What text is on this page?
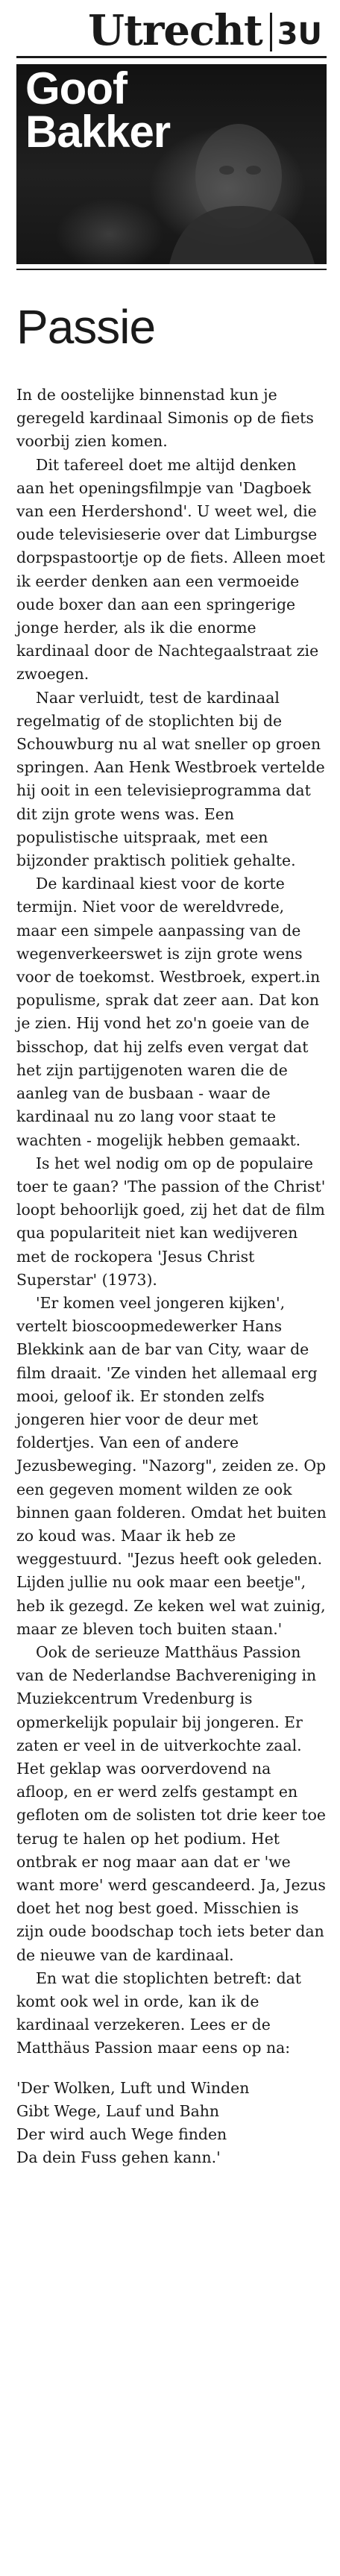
Utrecht 3U
Goof
Bakker
Passie

In de oostelijke binnenstad kun je geregeld kardinaal Simonis op de fiets voorbij zien komen.

Dit tafereel doet me altijd denken aan het openingsfilmpje van 'Dagboek van een Herdershond'. U weet wel, die oude televisieserie over dat Limburgse dorpspastoortje op de fiets. Alleen moet ik eerder denken aan een vermoeide oude boxer dan aan een springerige jonge herder, als ik die enorme kardinaal door de Nachtegaalstraat zie zwoegen.

Naar verluidt, test de kardinaal regelmatig of de stoplichten bij de Schouwburg nu al wat sneller op groen springen. Aan Henk Westbroek vertelde hij ooit in een televisieprogramma dat dit zijn grote wens was. Een populistische uitspraak, met een bijzonder praktisch politiek gehalte.

De kardinaal kiest voor de korte termijn. Niet voor de wereldvrede, maar een simpele aanpassing van de wegenverkeerswet is zijn grote wens voor de toekomst. Westbroek, expert.in populisme, sprak dat zeer aan. Dat kon je zien. Hij vond het zo'n goeie van de bisschop, dat hij zelfs even vergat dat het zijn partijgenoten waren die de aanleg van de busbaan - waar de kardinaal nu zo lang voor staat te wachten - mogelijk hebben gemaakt.

Is het wel nodig om op de populaire toer te gaan? 'The passion of the Christ' loopt behoorlijk goed, zij het dat de film qua populariteit niet kan wedijveren met de rockopera 'Jesus Christ Superstar' (1973).

'Er komen veel jongeren kijken', vertelt bioscoopmedewerker Hans Blekkink aan de bar van City, waar de film draait. 'Ze vinden het allemaal erg mooi, geloof ik. Er stonden zelfs jongeren hier voor de deur met foldertjes. Van een of andere Jezusbeweging. "Nazorg", zeiden ze. Op een gegeven moment wilden ze ook binnen gaan folderen. Omdat het buiten zo koud was. Maar ik heb ze weggestuurd. "Jezus heeft ook geleden. Lijden jullie nu ook maar een beetje", heb ik gezegd. Ze keken wel wat zuinig, maar ze bleven toch buiten staan.'

Ook de serieuze Matthäus Passion van de Nederlandse Bachvereniging in Muziekcentrum Vredenburg is opmerkelijk populair bij jongeren. Er zaten er veel in de uitverkochte zaal. Het geklap was oorverdovend na afloop, en er werd zelfs gestampt en gefloten om de solisten tot drie keer toe terug te halen op het podium. Het ontbrak er nog maar aan dat er 'we want more' werd gescandeerd. Ja, Jezus doet het nog best goed. Misschien is zijn oude boodschap toch iets beter dan de nieuwe van de kardinaal.

En wat die stoplichten betreft: dat komt ook wel in orde, kan ik de kardinaal verzekeren. Lees er de Matthäus Passion maar eens op na:

'Der Wolken, Luft und Winden
Gibt Wege, Lauf und Bahn
Der wird auch Wege finden
Da dein Fuss gehen kann.'
